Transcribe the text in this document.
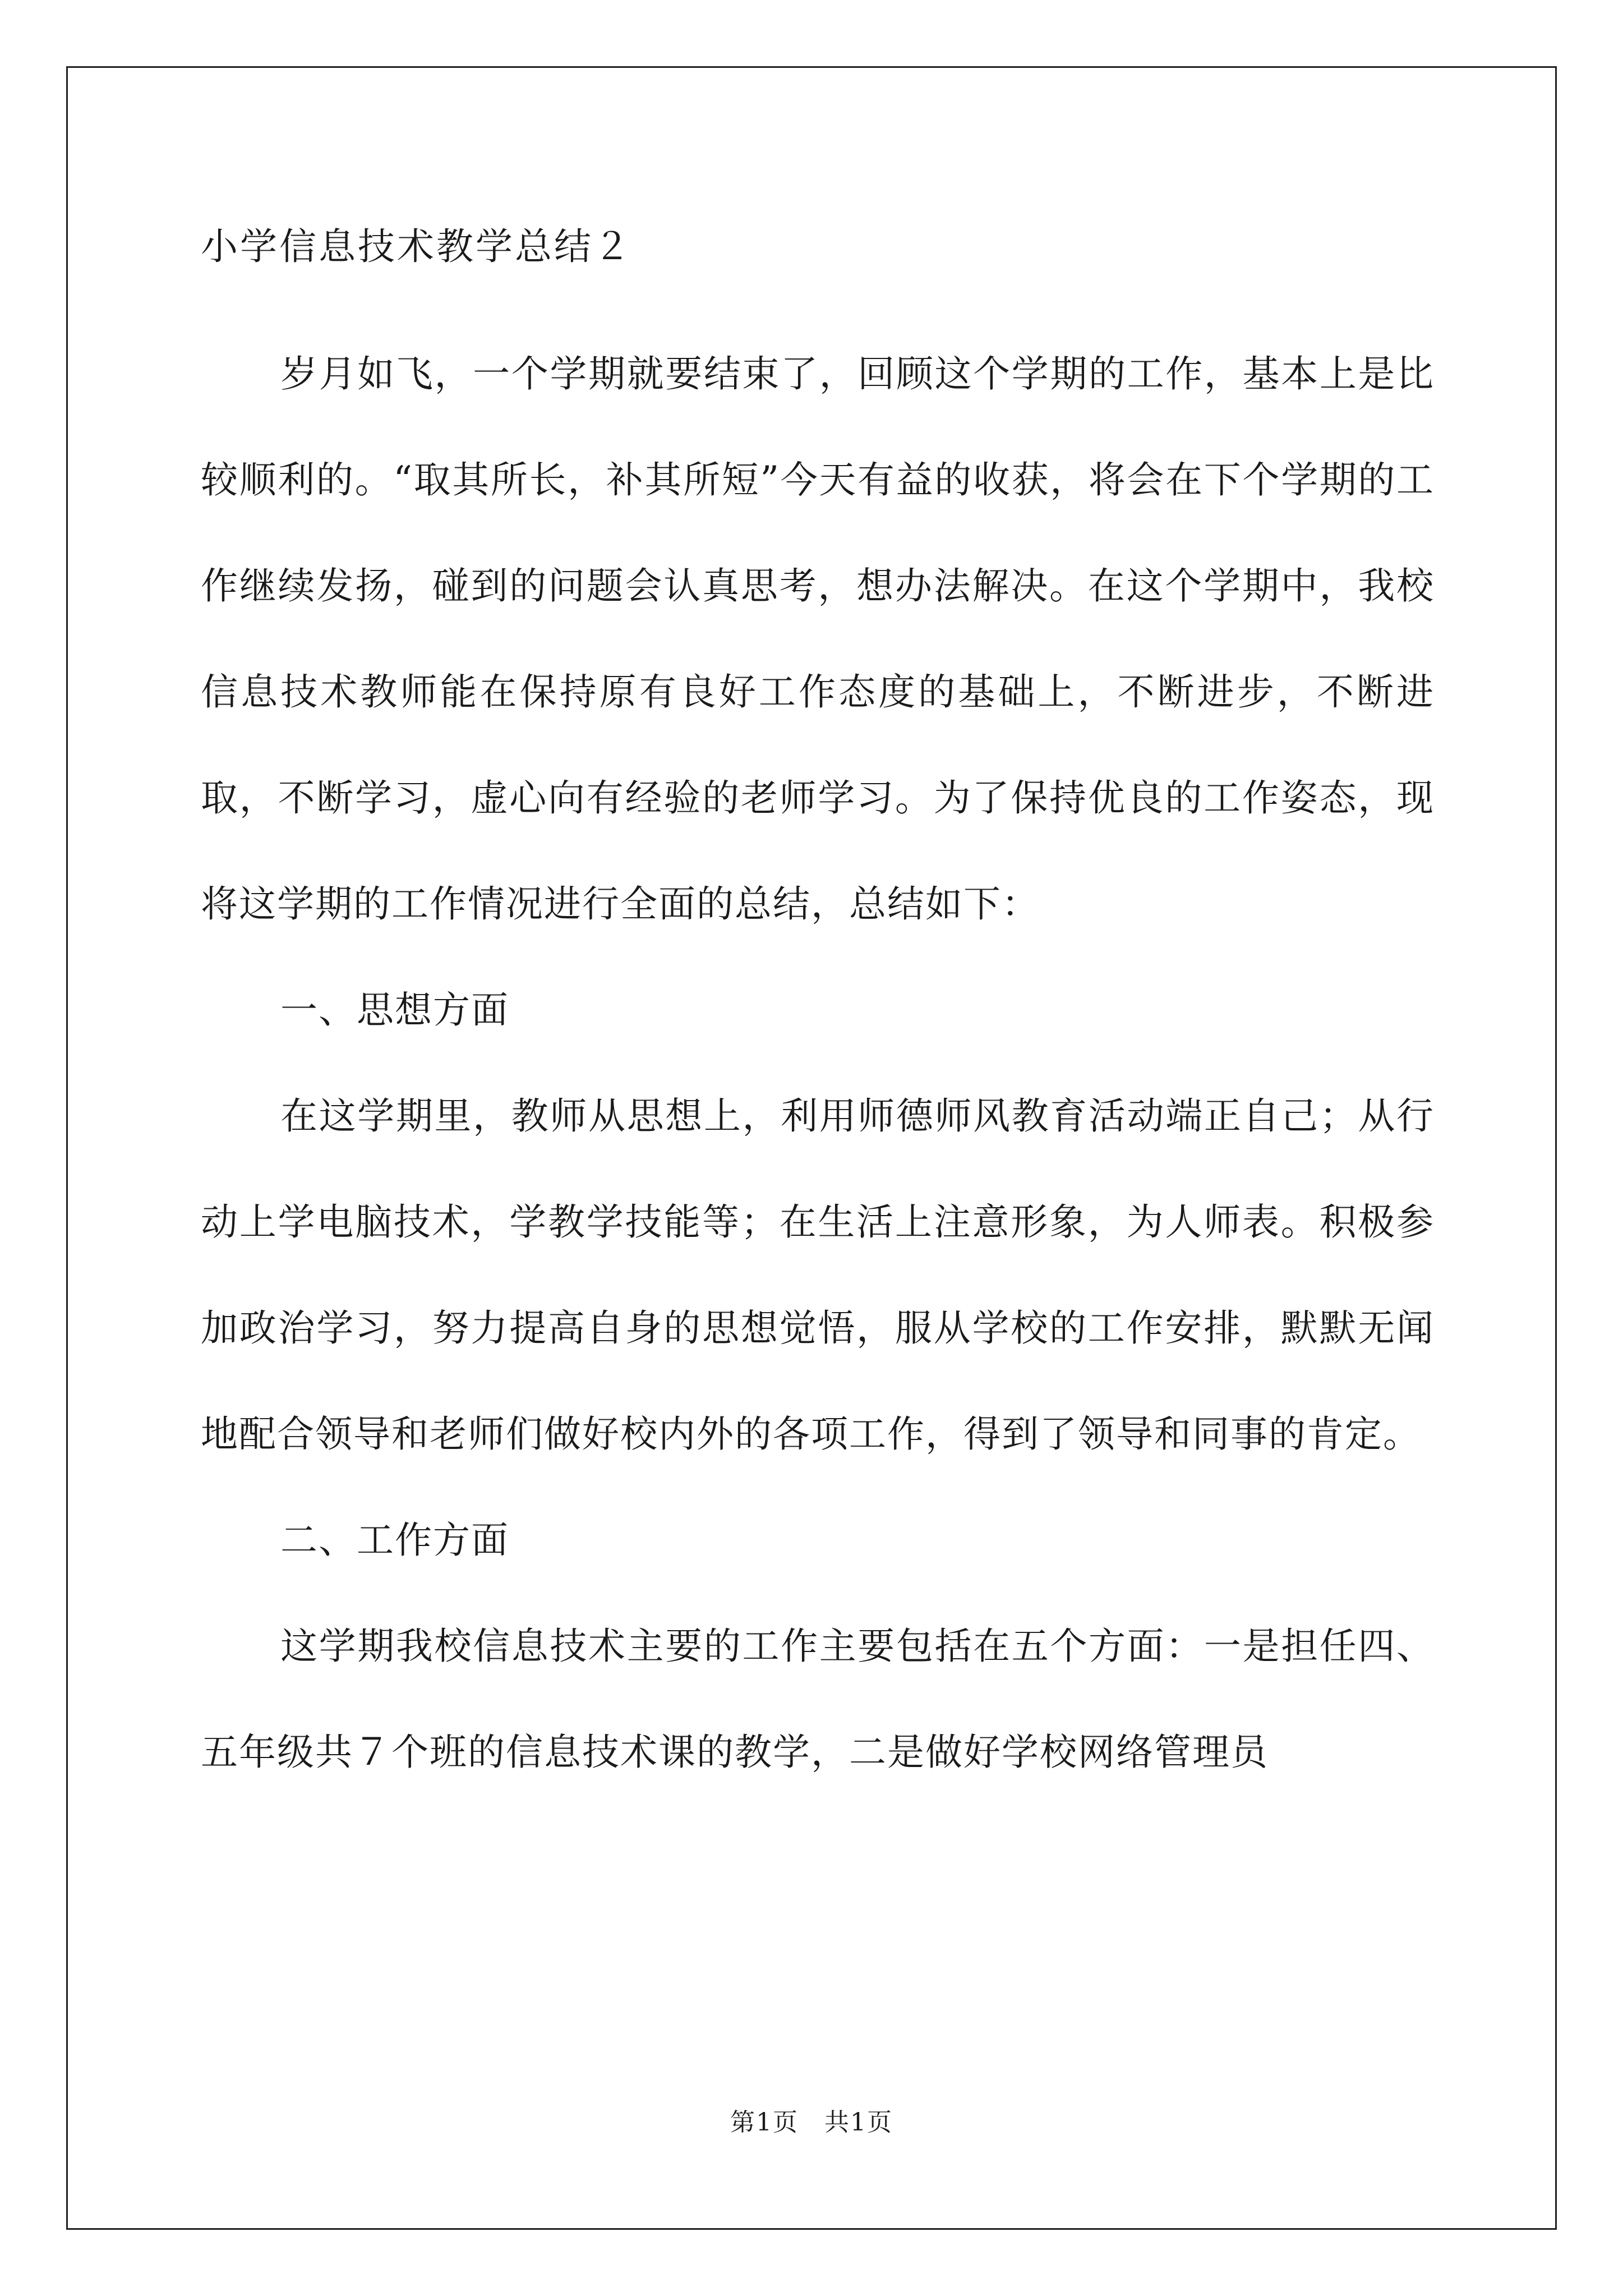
小学信息技术教学总结２

岁月如飞，一个学期就要结束了，回顾这个学期的工作，基本上是比较顺利的。“取其所长，补其所短”今天有益的收获，将会在下个学期的工作继续发扬，碰到的问题会认真思考，想办法解决。在这个学期中，我校信息技术教师能在保持原有良好工作态度的基础上，不断进步，不断进取，不断学习，虚心向有经验的老师学习。为了保持优良的工作姿态，现将这学期的工作情况进行全面的总结，总结如下：

一、思想方面

在这学期里，教师从思想上，利用师德师风教育活动端正自己；从行动上学电脑技术，学教学技能等；在生活上注意形象，为人师表。积极参加政治学习，努力提高自身的思想觉悟，服从学校的工作安排，默默无闻地配合领导和老师们做好校内外的各项工作，得到了领导和同事的肯定。

二、工作方面

这学期我校信息技术主要的工作主要包括在五个方面：一是担任四、五年级共７个班的信息技术课的教学，二是做好学校网络管理员

第1页　共1页
